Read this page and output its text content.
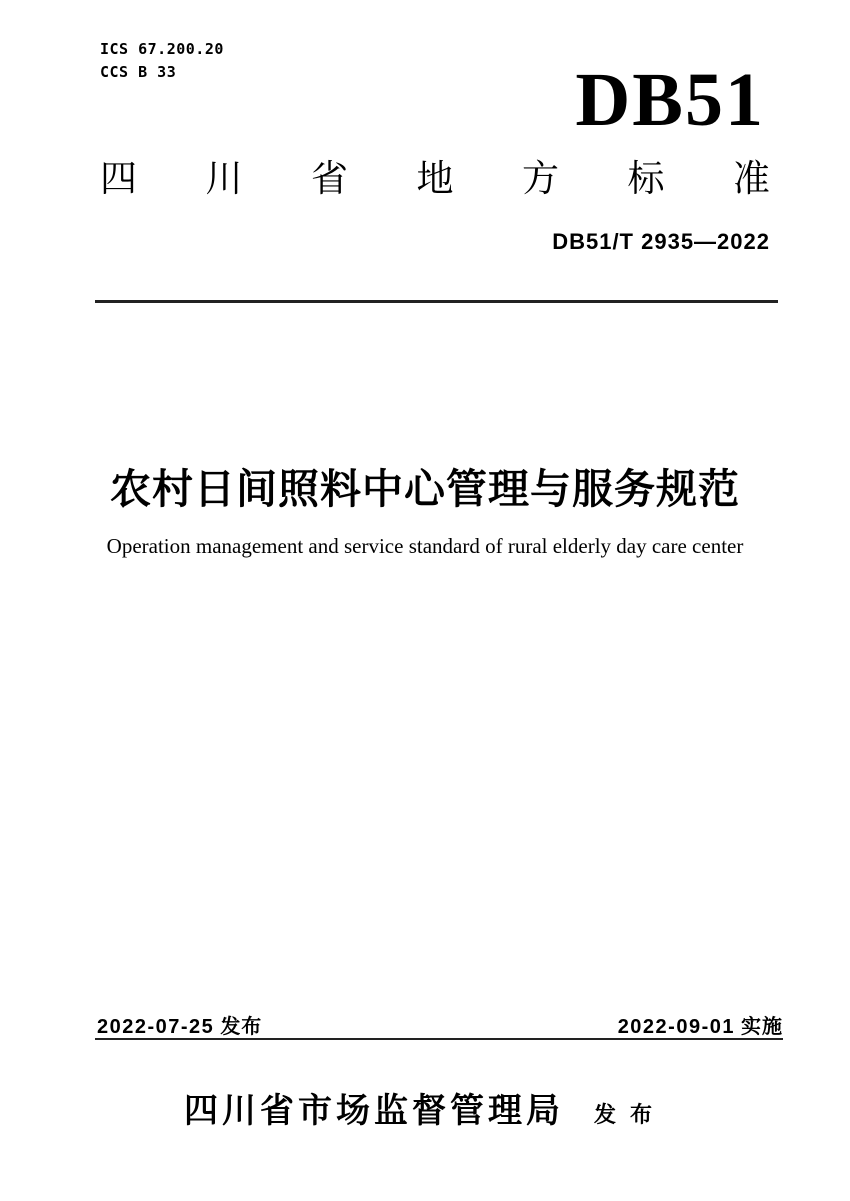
ICS 67.200.20
CCS B 33	DB51
四川省地方标准
DB51/T 2935—2022
农村日间照料中心管理与服务规范
Operation management and service standard of rural elderly day care center
2022-07-25 发布	2022-09-01 实施
四川省市场监督管理局 发布
